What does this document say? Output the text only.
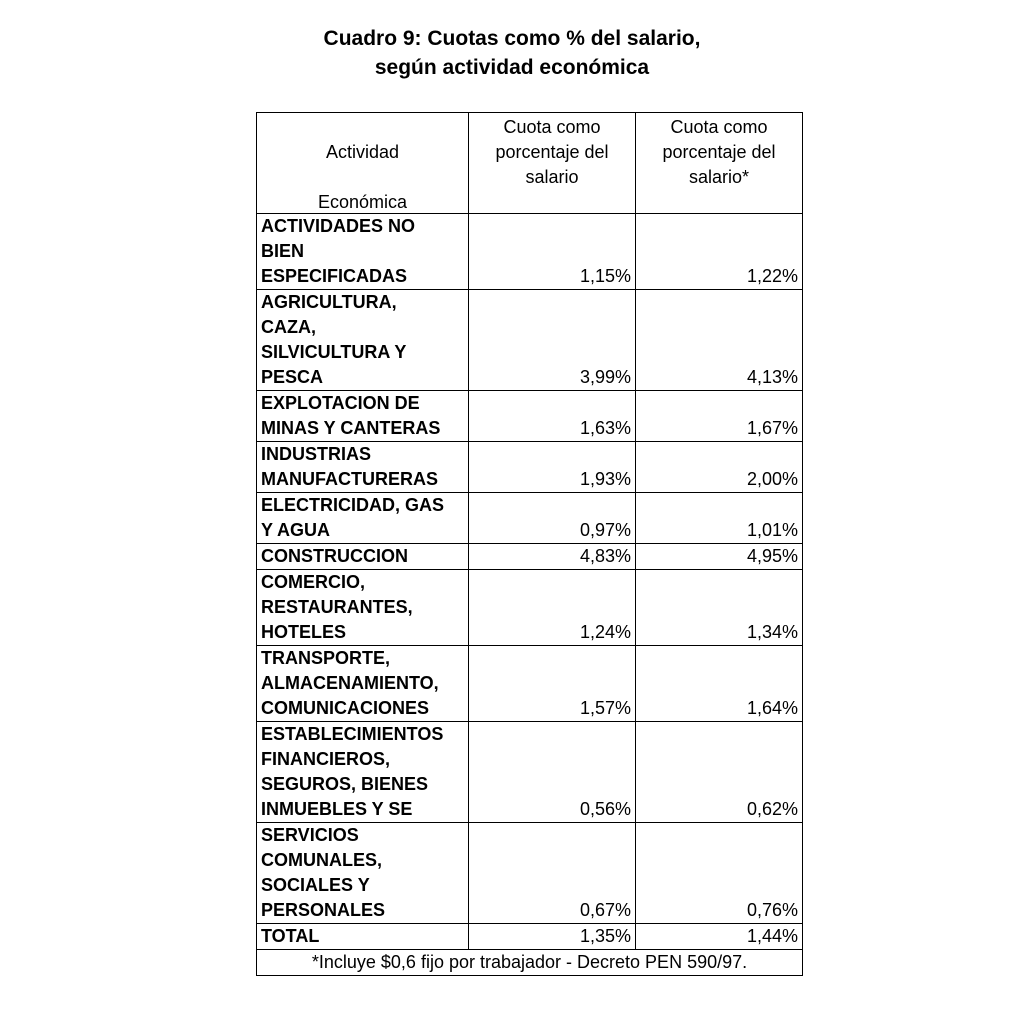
Cuadro 9: Cuotas como % del salario,
según actividad económica
Actividad
Económica	Cuota como porcentaje del salario	Cuota como porcentaje del salario*

ACTIVIDADES NO
BIEN
ESPECIFICADAS	1,15%	1,22%

AGRICULTURA,
CAZA,
SILVICULTURA Y
PESCA	3,99%	4,13%

EXPLOTACION DE
MINAS Y CANTERAS	1,63%	1,67%

INDUSTRIAS
MANUFACTURERAS	1,93%	2,00%

ELECTRICIDAD, GAS
Y AGUA	0,97%	1,01%

CONSTRUCCION	4,83%	4,95%

COMERCIO,
RESTAURANTES,
HOTELES	1,24%	1,34%

TRANSPORTE,
ALMACENAMIENTO,
COMUNICACIONES	1,57%	1,64%

ESTABLECIMIENTOS
FINANCIEROS,
SEGUROS, BIENES
INMUEBLES Y SE	0,56%	0,62%

SERVICIOS
COMUNALES,
SOCIALES Y
PERSONALES	0,67%	0,76%

TOTAL	1,35%	1,44%
*Incluye $0,6 fijo por trabajador - Decreto PEN 590/97.		
